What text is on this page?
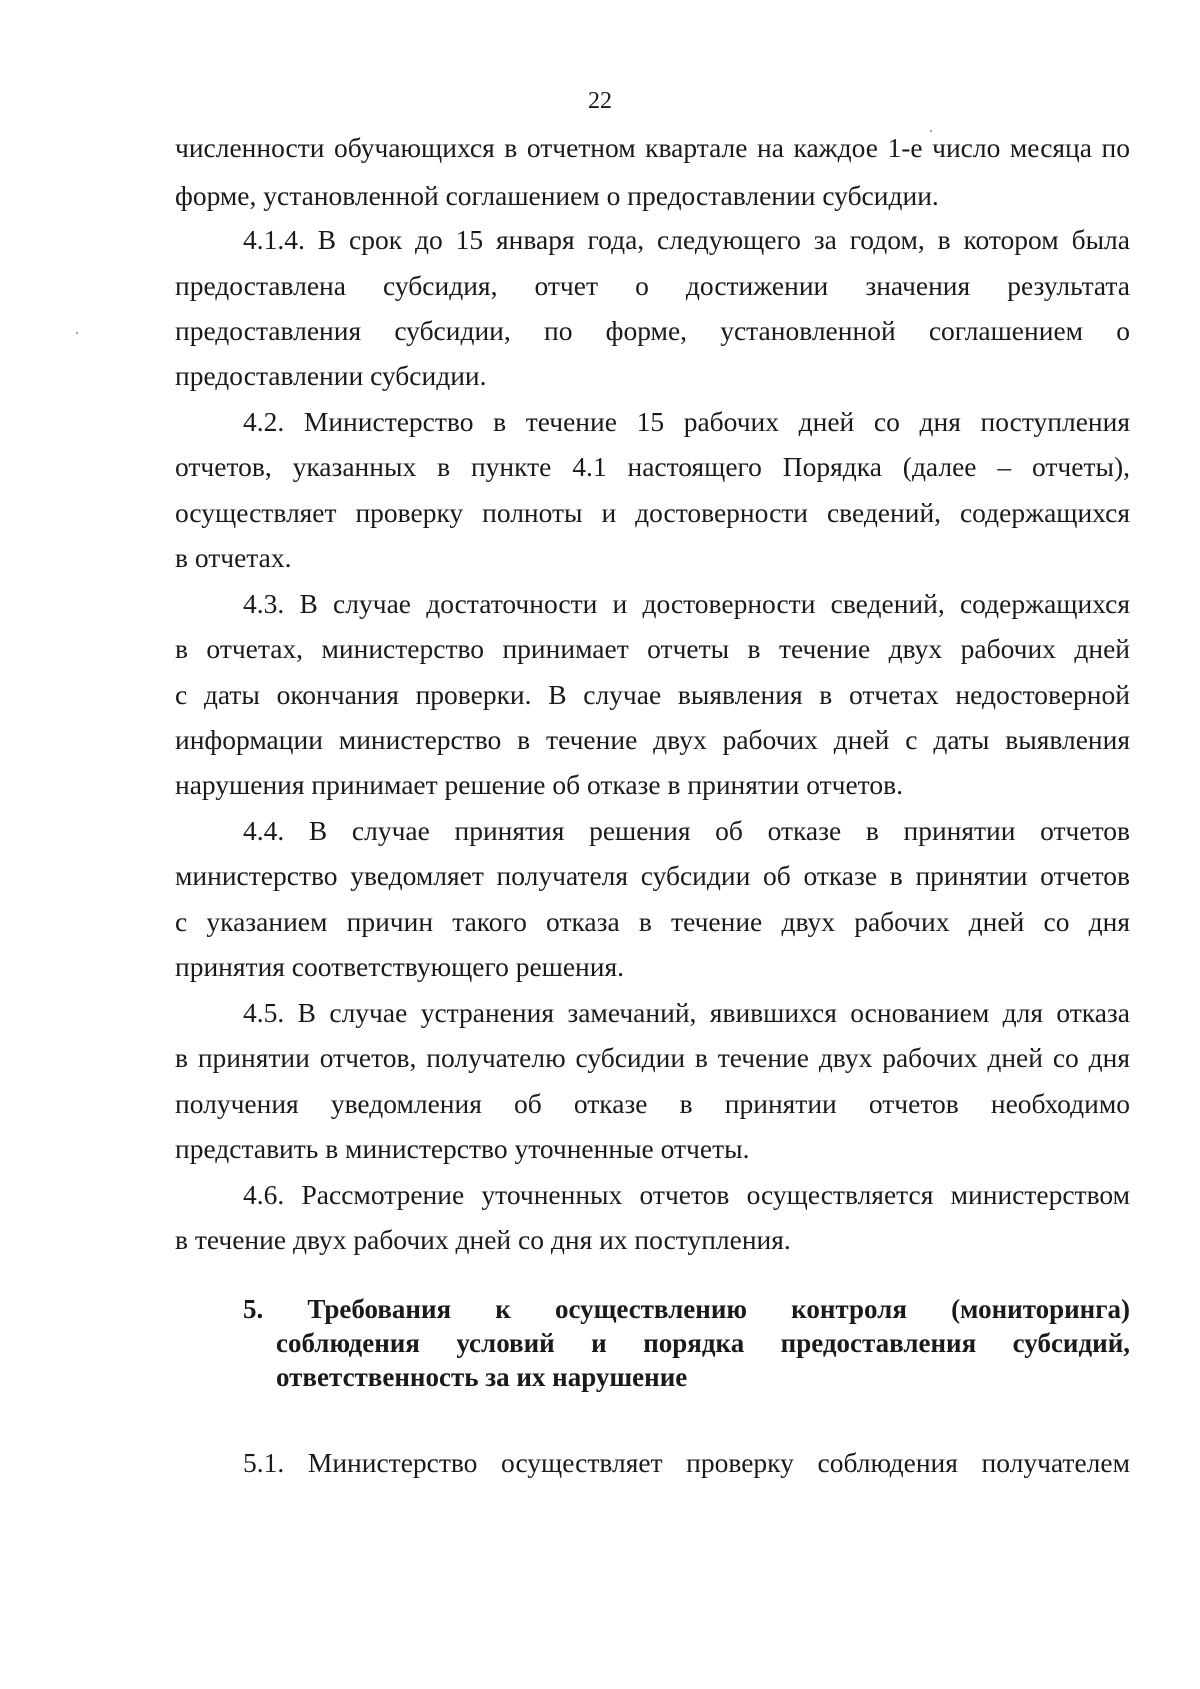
22
численности обучающихся в отчетном квартале на каждое 1-е число месяца по
форме, установленной соглашением о предоставлении субсидии.
4.1.4. В срок до 15 января года, следующего за годом, в котором была
предоставлена субсидия, отчет о достижении значения результата
предоставления субсидии, по форме, установленной соглашением о
предоставлении субсидии.
4.2. Министерство в течение 15 рабочих дней со дня поступления
отчетов, указанных в пункте 4.1 настоящего Порядка (далее – отчеты),
осуществляет проверку полноты и достоверности сведений, содержащихся
в отчетах.
4.3. В случае достаточности и достоверности сведений, содержащихся
в отчетах, министерство принимает отчеты в течение двух рабочих дней
с даты окончания проверки. В случае выявления в отчетах недостоверной
информации министерство в течение двух рабочих дней с даты выявления
нарушения принимает решение об отказе в принятии отчетов.
4.4. В случае принятия решения об отказе в принятии отчетов
министерство уведомляет получателя субсидии об отказе в принятии отчетов
с указанием причин такого отказа в течение двух рабочих дней со дня
принятия соответствующего решения.
4.5. В случае устранения замечаний, явившихся основанием для отказа
в принятии отчетов, получателю субсидии в течение двух рабочих дней со дня
получения уведомления об отказе в принятии отчетов необходимо
представить в министерство уточненные отчеты.
4.6. Рассмотрение уточненных отчетов осуществляется министерством
в течение двух рабочих дней со дня их поступления.
5. Требования к осуществлению контроля (мониторинга)
соблюдения условий и порядка предоставления субсидий,
ответственность за их нарушение
5.1. Министерство осуществляет проверку соблюдения получателем
